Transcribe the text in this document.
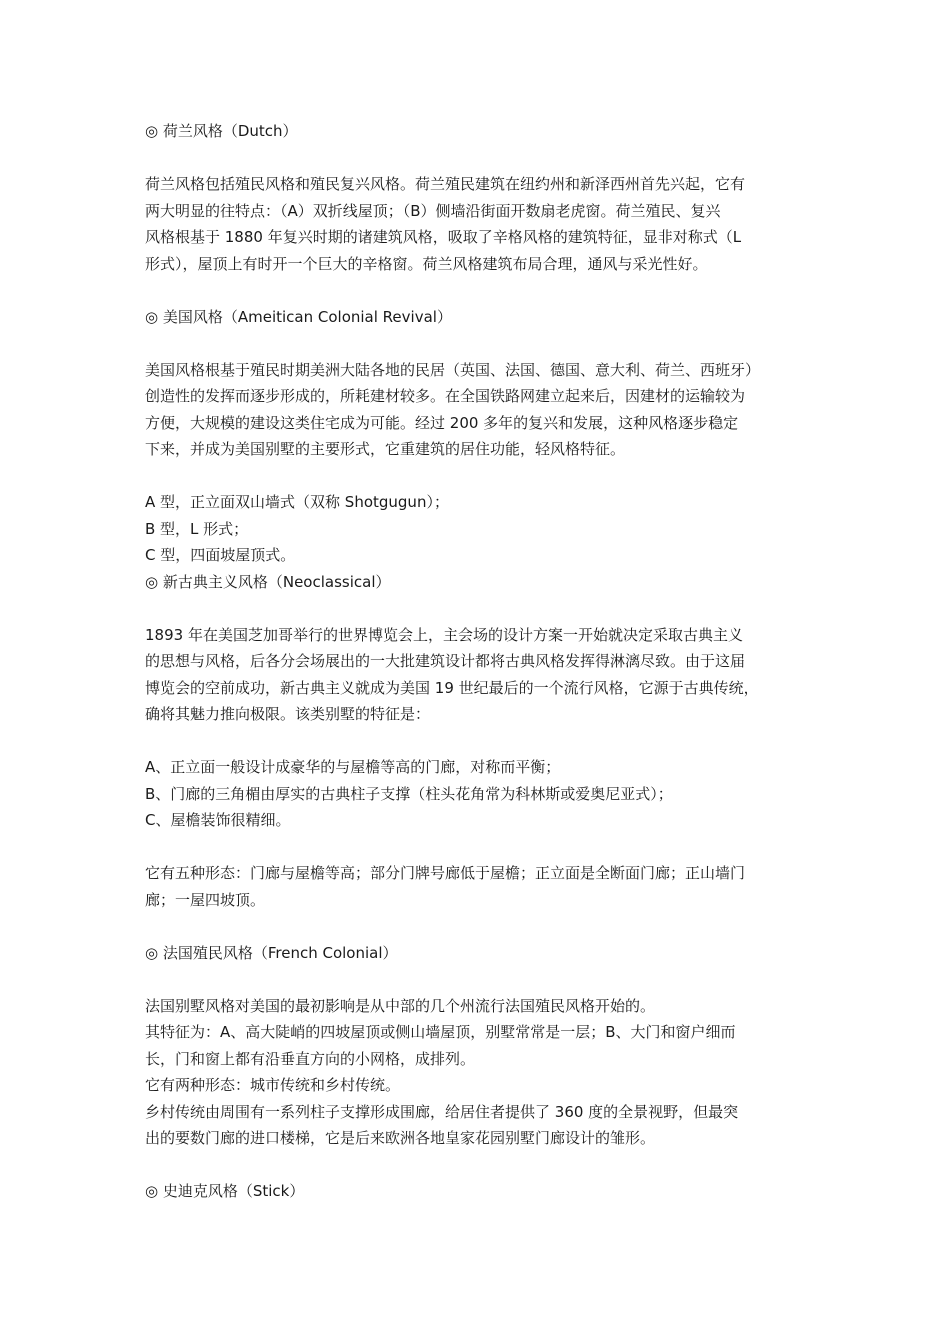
◎ 荷兰风格（Dutch）
荷兰风格包括殖民风格和殖民复兴风格。荷兰殖民建筑在纽约州和新泽西州首先兴起，它有
两大明显的往特点：（A）双折线屋顶；（B）侧墙沿街面开数扇老虎窗。荷兰殖民、复兴
风格根基于 1880 年复兴时期的诸建筑风格，吸取了辛格风格的建筑特征，显非对称式（L
形式），屋顶上有时开一个巨大的辛格窗。荷兰风格建筑布局合理，通风与采光性好。
◎ 美国风格（Ameitican Colonial Revival）
美国风格根基于殖民时期美洲大陆各地的民居（英国、法国、德国、意大利、荷兰、西班牙）
创造性的发挥而逐步形成的，所耗建材较多。在全国铁路网建立起来后，因建材的运输较为
方便，大规模的建设这类住宅成为可能。经过 200 多年的复兴和发展，这种风格逐步稳定
下来，并成为美国别墅的主要形式，它重建筑的居住功能，轻风格特征。
A 型，正立面双山墙式（双称 Shotgugun）；
B 型，L 形式；
C 型，四面坡屋顶式。
◎ 新古典主义风格（Neoclassical）
1893 年在美国芝加哥举行的世界博览会上，主会场的设计方案一开始就决定采取古典主义
的思想与风格，后各分会场展出的一大批建筑设计都将古典风格发挥得淋漓尽致。由于这届
博览会的空前成功，新古典主义就成为美国 19 世纪最后的一个流行风格，它源于古典传统，
确将其魅力推向极限。该类别墅的特征是：
A、正立面一般设计成豪华的与屋檐等高的门廊，对称而平衡；
B、门廊的三角楣由厚实的古典柱子支撑（柱头花角常为科林斯或爱奥尼亚式）；
C、屋檐装饰很精细。
它有五种形态：门廊与屋檐等高；部分门牌号廊低于屋檐；正立面是全断面门廊；正山墙门
廊；一屋四坡顶。
◎ 法国殖民风格（French Colonial）
法国别墅风格对美国的最初影响是从中部的几个州流行法国殖民风格开始的。
其特征为：A、高大陡峭的四坡屋顶或侧山墙屋顶，别墅常常是一层；B、大门和窗户细而
长，门和窗上都有沿垂直方向的小网格，成排列。
它有两种形态：城市传统和乡村传统。
乡村传统由周围有一系列柱子支撑形成围廊，给居住者提供了 360 度的全景视野，但最突
出的要数门廊的进口楼梯，它是后来欧洲各地皇家花园别墅门廊设计的雏形。
◎ 史迪克风格（Stick）
